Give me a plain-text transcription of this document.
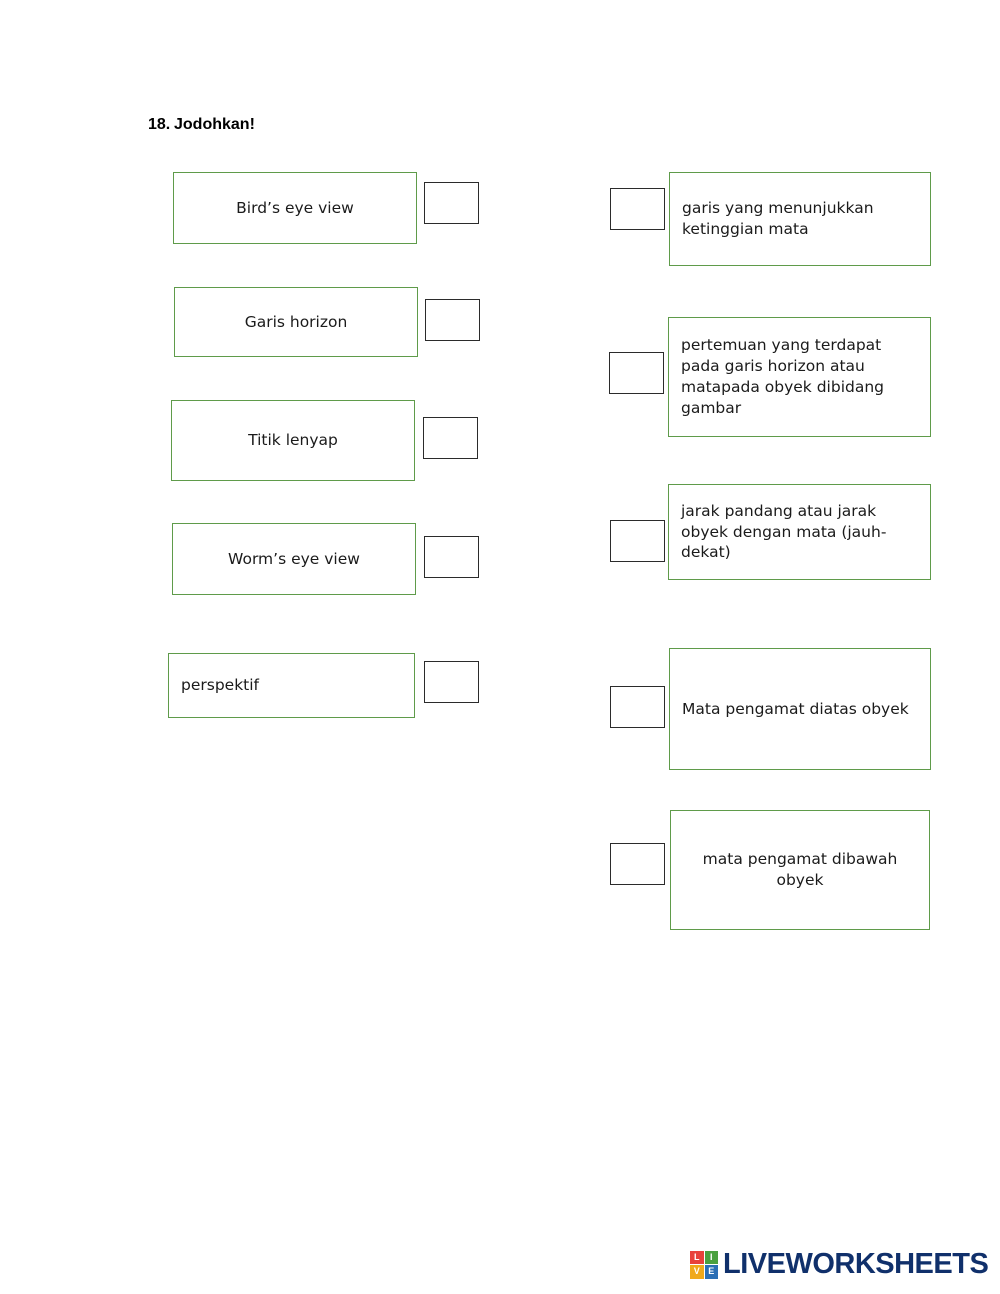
18. Jodohkan!
Bird’s eye view
Garis horizon
Titik lenyap
Worm’s eye view
perspektif
garis yang menunjukkan ketinggian mata
pertemuan yang terdapat pada garis horizon atau matapada obyek dibidang gambar
jarak pandang atau jarak obyek dengan mata (jauh-dekat)
Mata pengamat diatas obyek
mata pengamat dibawah obyek
L	I
V E LIVEWORKSHEETS
